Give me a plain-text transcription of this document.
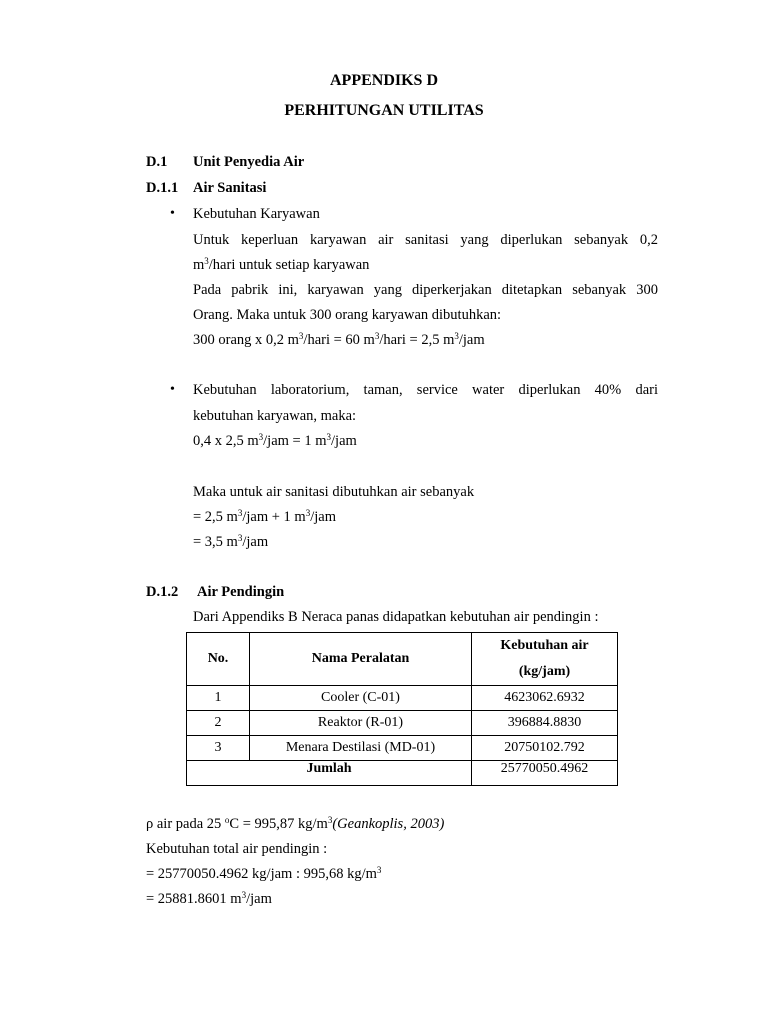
APPENDIKS D
PERHITUNGAN UTILITAS
D.1 Unit Penyedia Air
D.1.1 Air Sanitasi
• Kebutuhan Karyawan
Untuk keperluan karyawan air sanitasi yang diperlukan sebanyak 0,2
$m^3$/hari untuk setiap karyawan
Pada pabrik ini, karyawan yang diperkerjakan ditetapkan sebanyak 300
Orang. Maka untuk 300 orang karyawan dibutuhkan:
300 orang x 0,2 $m^3$/hari = 60 $m^3$/hari = 2,5 $m^3$/jam
• Kebutuhan laboratorium, taman, service water diperlukan 40% dari
kebutuhan karyawan, maka:
0,4 x 2,5 $m^3$/jam = 1 $m^3$/jam
Maka untuk air sanitasi dibutuhkan air sebanyak
= 2,5 $m^3$/jam + 1 $m^3$/jam
= 3,5 $m^3$/jam
D.1.2 Air Pendingin
Dari Appendiks B Neraca panas didapatkan kebutuhan air pendingin :
No.	Nama Peralatan	Kebutuhan air
(kg/jam)
1	Cooler (C-01)	4623062.6932
2	Reaktor (R-01)	396884.8830
3	Menara Destilasi (MD-01)	20750102.792
Jumlah		25770050.4962
ρ air pada 25 $^o$C = 995,87 $kg/m^3(Geankoplis$, 2003)
Kebutuhan total air pendingin :
= 25770050.4962 kg/jam : 995,68 $kg/m^3$
= 25881.8601 $m^3$/jam
